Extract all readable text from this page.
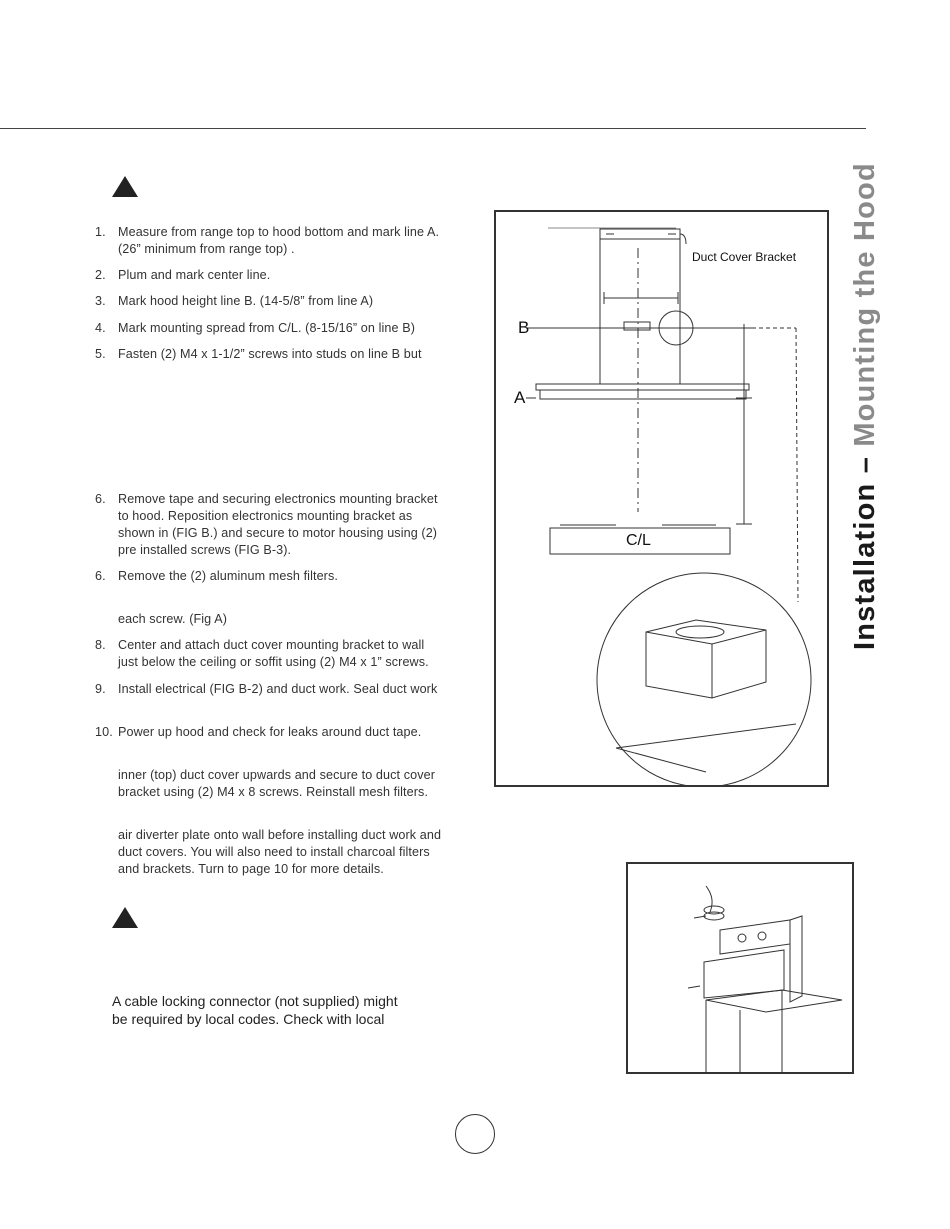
1. Measure from range top to hood bottom and mark line A.
(26” minimum from range top) .
2. Plum and mark center line.
3. Mark hood height line B. (14-5/8” from line A)
4. Mark mounting spread from C/L. (8-15/16” on line B)
5. Fasten (2) M4 x 1-1/2” screws into studs on line B but
6. Remove tape and securing electronics mounting bracket
to hood. Reposition electronics mounting bracket as
shown in (FIG B.) and secure to motor housing using (2)
pre installed screws (FIG B-3).
6. Remove the (2) aluminum mesh filters.
each screw. (Fig A)
8. Center and attach duct cover mounting bracket to wall
just below the ceiling or soffit using (2) M4 x 1” screws.
9. Install electrical (FIG B-2) and duct work. Seal duct work
10. Power up hood and check for leaks around duct tape.
inner (top) duct cover upwards and secure to duct cover
bracket using (2) M4 x 8 screws. Reinstall mesh filters.
air diverter plate onto wall before installing duct work and
duct covers. You will also need to install charcoal filters
and brackets. Turn to page 10 for more details.
A cable locking connector (not supplied) might
be required by local codes. Check with local
Duct Cover Bracket
B
A
C/L	Installation – Mounting the Hood
